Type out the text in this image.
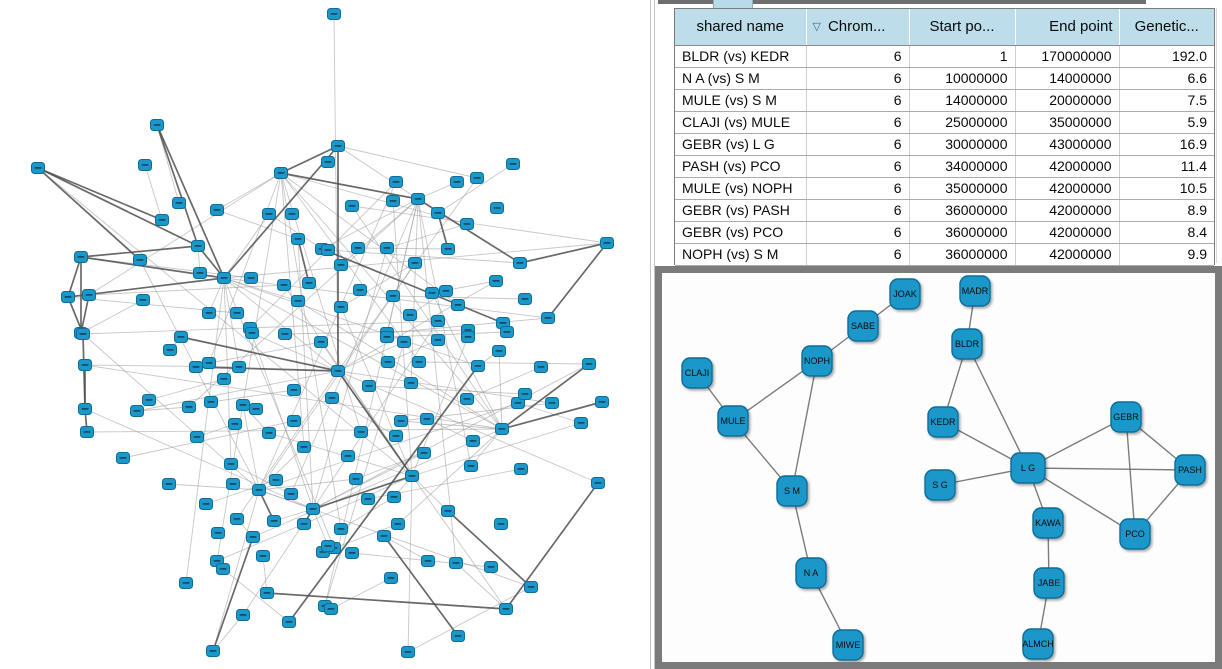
shared name	▽ Chrom...	Start po...	End point	Genetic...
BLDR (vs) KEDR	6	1	170000000	192.0
N A (vs) S M	6	10000000	14000000	6.6
MULE (vs) S M	6	14000000	20000000	7.5
CLAJI (vs) MULE	6	25000000	35000000	5.9
GEBR (vs) L G	6	30000000	43000000	16.9
PASH (vs) PCO	6	34000000	42000000	11.4
MULE (vs) NOPH	6	35000000	42000000	10.5
GEBR (vs) PASH	6	36000000	42000000	8.9
GEBR (vs) PCO	6	36000000	42000000	8.4
NOPH (vs) S M	6	36000000	42000000	9.9
JOAK	MADR
SABE
BLDR
NOPH
CLAJI
MULE	KEDR	GEBR
L G	PASH
S G
S M
KAWA
PCO
N A
JABE
MIWE	ALMCH
